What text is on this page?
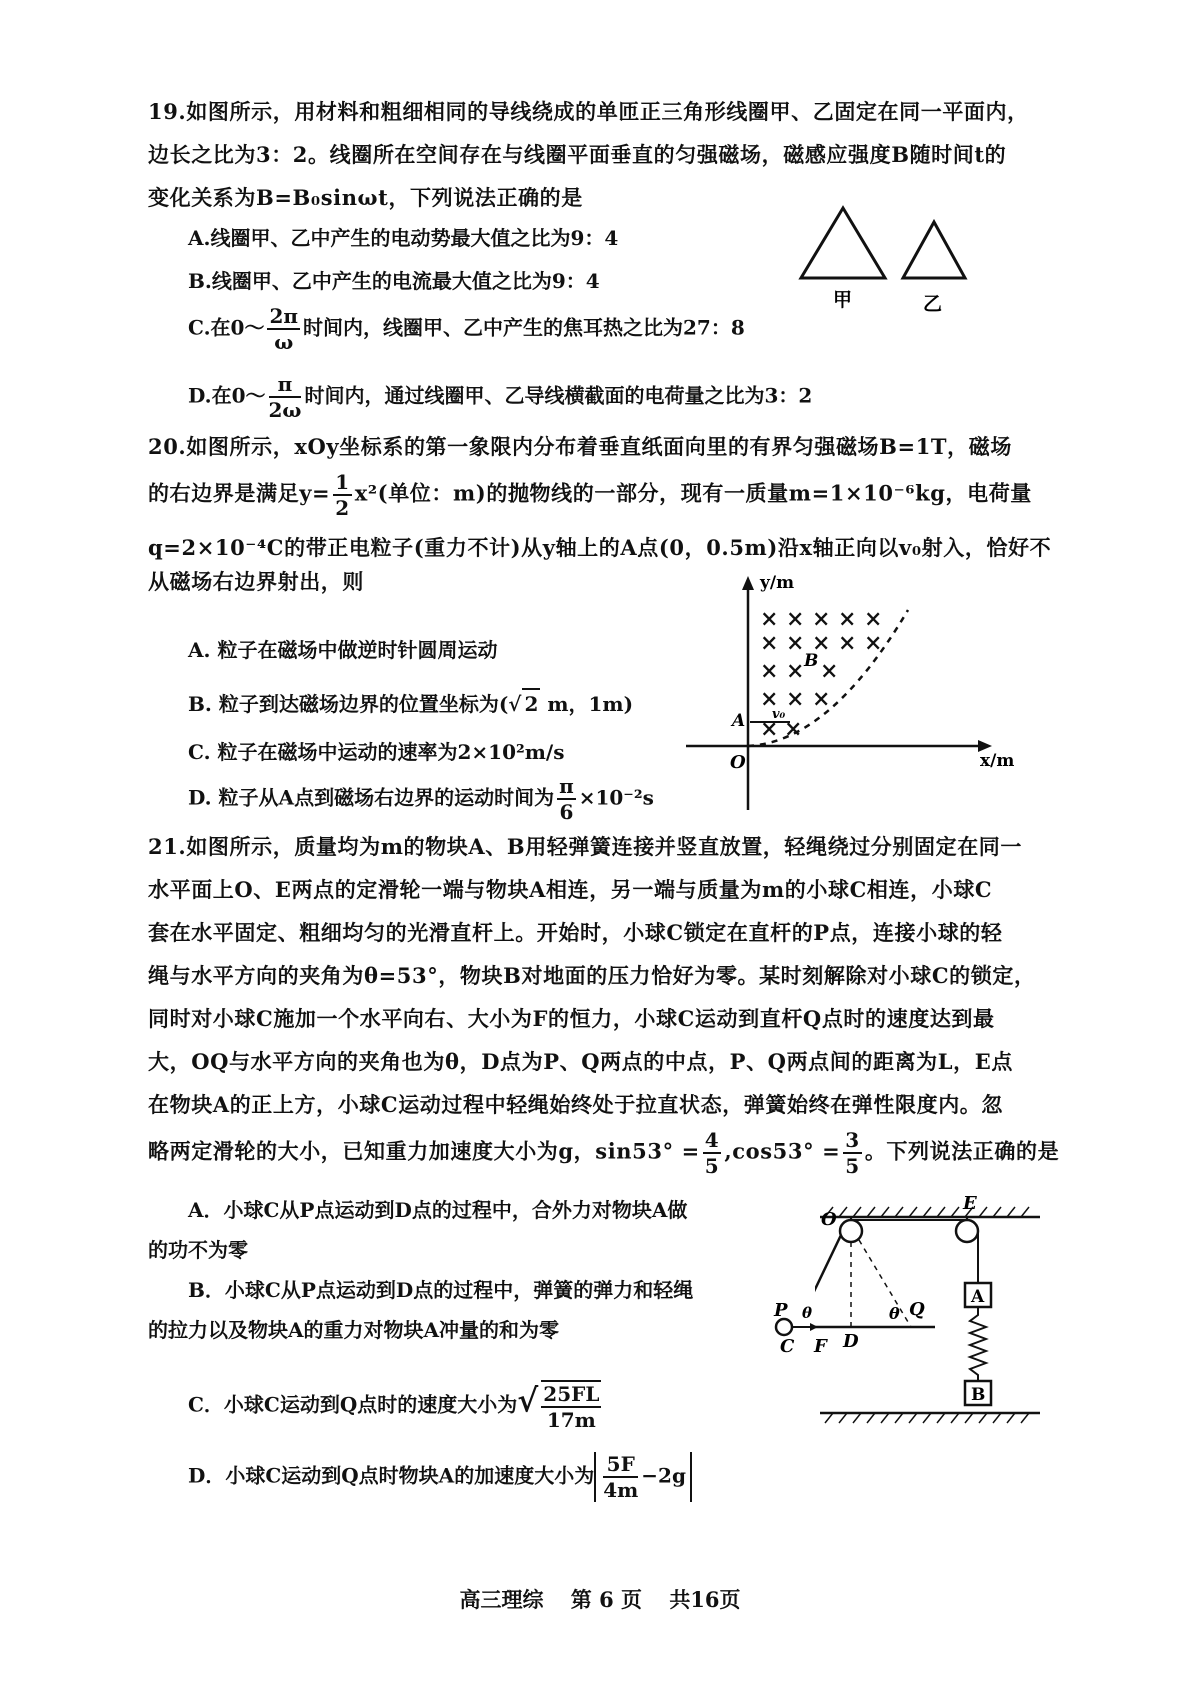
19.如图所示，用材料和粗细相同的导线绕成的单匝正三角形线圈甲、乙固定在同一平面内，
边长之比为3：2。线圈所在空间存在与线圈平面垂直的匀强磁场，磁感应强度B随时间t的
变化关系为B=B₀sinωt，下列说法正确的是
A.线圈甲、乙中产生的电动势最大值之比为9：4
B.线圈甲、乙中产生的电流最大值之比为9：4
C.在0～ $\frac{2\pi}{\omega}$ 时间内，线圈甲、乙中产生的焦耳热之比为27：8
D.在0～ $\frac{\pi}{2\omega}$ 时间内，通过线圈甲、乙导线横截面的电荷量之比为3：2
甲	乙
20.如图所示，xOy坐标系的第一象限内分布着垂直纸面向里的有界匀强磁场B=1T，磁场
的右边界是满足$y= \frac{1}{2} x^2$(单位：m)的抛物线的一部分，现有一质量m=1×10⁻⁶kg，电荷量
q=2×10⁻⁴C的带正电粒子(重力不计)从y轴上的A点(0，0.5m)沿x轴正向以v₀射入，恰好不
从磁场右边界射出，则
A. 粒子在磁场中做逆时针圆周运动
B. 粒子到达磁场边界的位置坐标为(√ 2 m，1m)
C. 粒子在磁场中运动的速率为2×10²m/s
D. 粒子从A点到磁场右边界的运动时间为 $\frac{\pi}{6} \times 10^{-2}s$
y/m
x/m
O
A
B
v₀
× × × × ×
× × × × ×
× × ×
× × ×
× ×
21.如图所示，质量均为m的物块A、B用轻弹簧连接并竖直放置，轻绳绕过分别固定在同一
水平面上O、E两点的定滑轮一端与物块A相连，另一端与质量为m的小球C相连，小球C
套在水平固定、粗细均匀的光滑直杆上。开始时，小球C锁定在直杆的P点，连接小球的轻
绳与水平方向的夹角为θ=53°，物块B对地面的压力恰好为零。某时刻解除对小球C的锁定，
同时对小球C施加一个水平向右、大小为F的恒力，小球C运动到直杆Q点时的速度达到最
大，OQ与水平方向的夹角也为θ，D点为P、Q两点的中点，P、Q两点间的距离为L，E点
在物块A的正上方，小球C运动过程中轻绳始终处于拉直状态，弹簧始终在弹性限度内。忽
略两定滑轮的大小，已知重力加速度大小为g，$\sin 53^\circ = \frac{4}{5} ,\cos 53^\circ = \frac{3}{5}$ 。下列说法正确的是
A．小球C从P点运动到D点的过程中，合外力对物块A做
的功不为零
B．小球C从P点运动到D点的过程中，弹簧的弹力和轻绳
的拉力以及物块A的重力对物块A冲量的和为零
C．小球C运动到Q点时的速度大小为√ $\frac{25FL}{17m}$
D．小球C运动到Q点时物块A的加速度大小为 $\frac{5F}{4m} -2g$
A
B
O
E
θ Q
D
P θ
C F
高三理综 第 6 页 共16页
